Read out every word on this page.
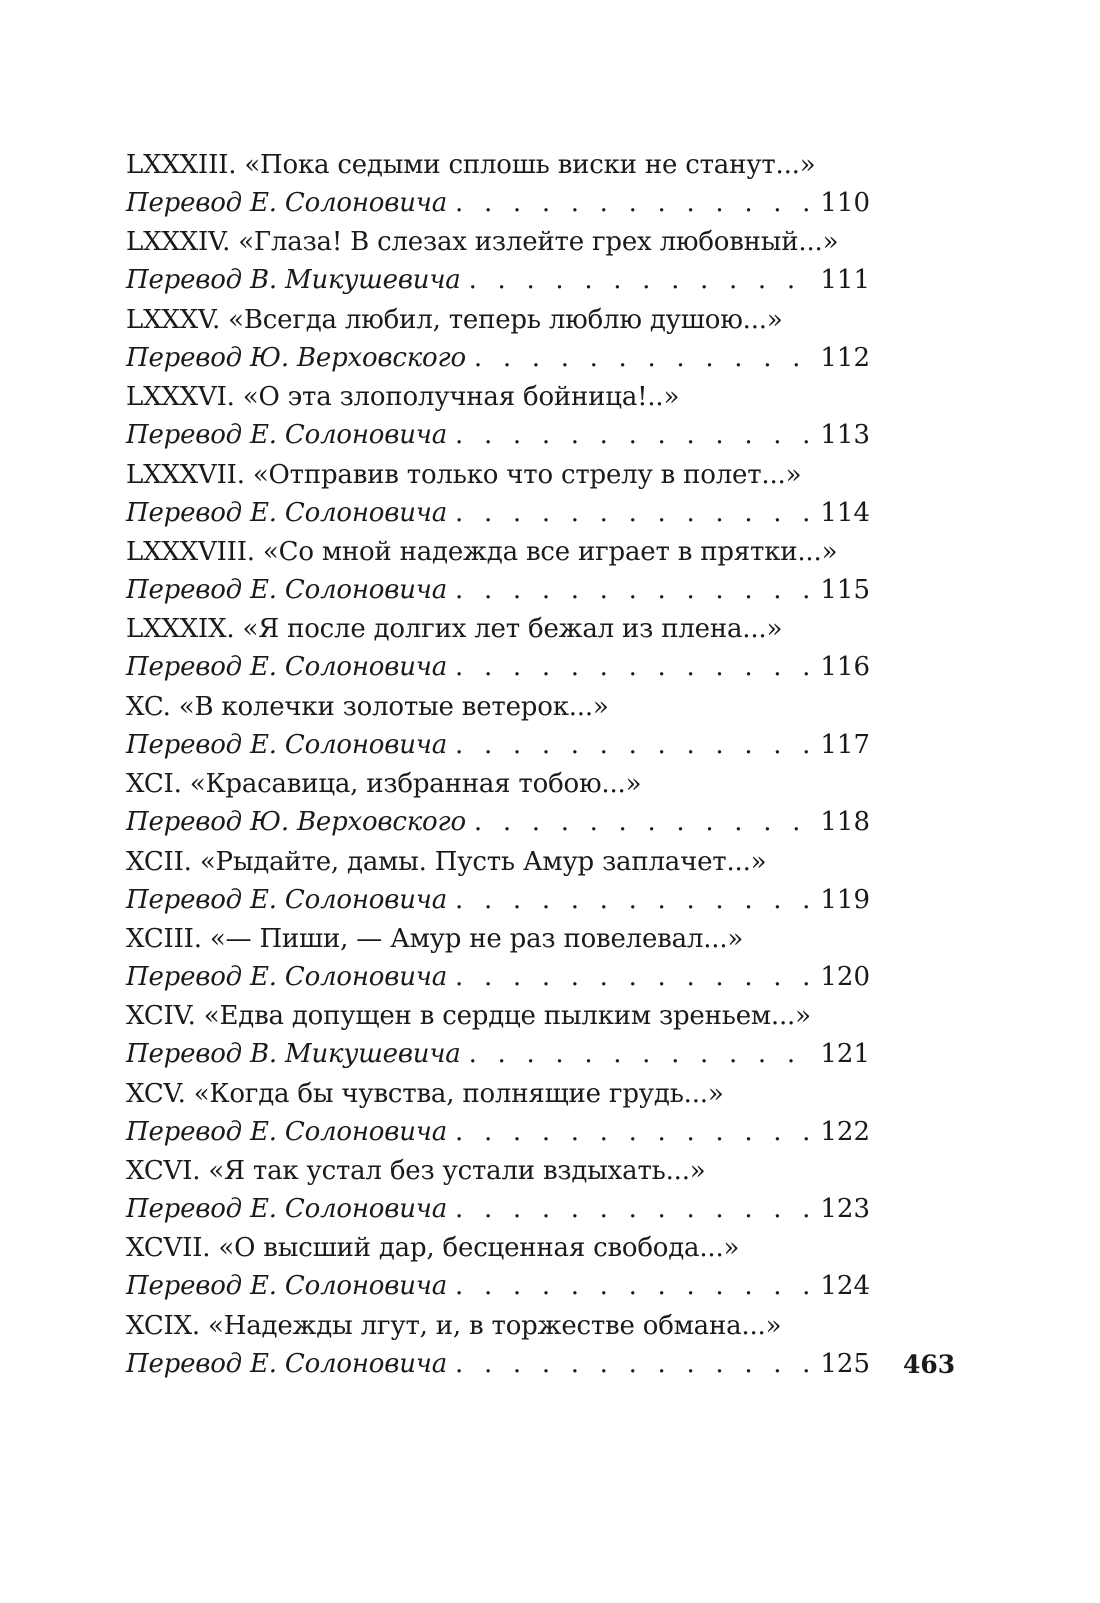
LXXXIII. «Пока седыми сплошь виски не станут...»
Перевод Е. Солоновича . . .	110
LXXXIV. «Глаза! В слезах излейте грех любовный...»
Перевод В. Микушевича . . .	111
LXXXV. «Всегда любил, теперь люблю душою...»
Перевод Ю. Верховского . . .	112
LXXXVI. «О эта злополучная бойница!..»
Перевод Е. Солоновича . . .	113
LXXXVII. «Отправив только что стрелу в полет...»
Перевод Е. Солоновича . . .	114
LXXXVIII. «Со мной надежда все играет в прятки...»
Перевод Е. Солоновича . . .	115
LXXXIX. «Я после долгих лет бежал из плена...»
Перевод Е. Солоновича . . .	116
XC. «В колечки золотые ветерок...»
Перевод Е. Солоновича . . .	117
XCI. «Красавица, избранная тобою...»
Перевод Ю. Верховского . . .	118
XCII. «Рыдайте, дамы. Пусть Амур заплачет...»
Перевод Е. Солоновича . . .	119
XCIII. «— Пиши, — Амур не раз повелевал...»
Перевод Е. Солоновича . . .	120
XCIV. «Едва допущен в сердце пылким зреньем...»
Перевод В. Микушевича . . .	121
XCV. «Когда бы чувства, полнящие грудь...»
Перевод Е. Солоновича . . .	122
XCVI. «Я так устал без устали вздыхать...»
Перевод Е. Солоновича . . .	123
XCVII. «О высший дар, бесценная свобода...»
Перевод Е. Солоновича . . .	124
XCIX. «Надежды лгут, и, в торжестве обмана...»
Перевод Е. Солоновича . . .	125 463
